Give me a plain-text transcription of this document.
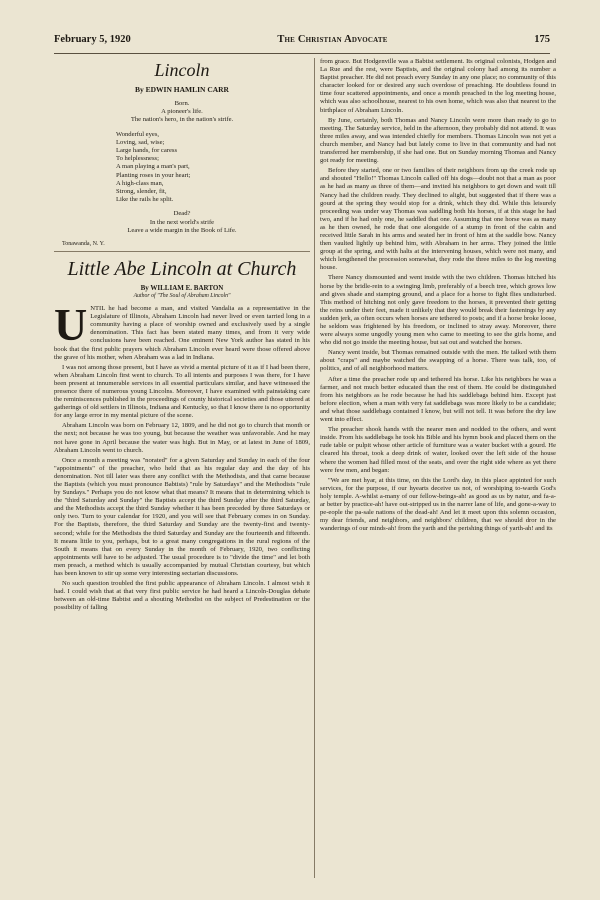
February 5, 1920	The Christian Advocate	175
Lincoln
By EDWIN HAMLIN CARR
Born.
A pioneer's life.
The nation's hero, in the nation's strife.
Wonderful eyes,
Loving, sad, wise;
Large hands, for caress
To helplessness;
A man playing a man's part,
Planting roses in your heart;
A high-class man,
Strong, slender, fit,
Like the rails he split.
Dead?
In the next world's strife
Leave a wide margin in the Book of Life.
Tonawanda, N. Y.
Little Abe Lincoln at Church
By WILLIAM E. BARTON
Author of "The Soul of Abraham Lincoln"

UNTIL he had become a man, and visited Vandalia as a representative in the Legislature of Illinois, Abraham Lincoln had never lived or even tarried long in a community having a place of worship owned and exclusively used by a single denomination. This fact has been stated many times, and from it very wide conclusions have been reached. One eminent New York author has stated in his book that the first public prayers which Abraham Lincoln ever heard were those offered above the grave of his mother, when Abraham was a lad in Indiana.

I was not among those present, but I have as vivid a mental picture of it as if I had been there, when Abraham Lincoln first went to church. To all intents and purposes I was there, for I have been present at innumerable services in all essential particulars similar, and have witnessed the presence there of numerous young Lincolns. Moreover, I have examined with painstaking care the reminiscences published in the proceedings of county historical societies and those uttered at gatherings of old settlers in Illinois, Indiana and Kentucky, so that I know there is no opportunity for any large error in my mental picture of the scene.

Abraham Lincoln was born on February 12, 1809, and he did not go to church that month or the next; not because he was too young, but because the weather was unfavorable. And he may not have gone in April because the water was high. But in May, or at latest in June of 1809, Abraham Lincoln went to church.

Once a month a meeting was "norated" for a given Saturday and Sunday in each of the four "appointments" of the preacher, who held that as his regular day and the day of his denomination. Not till later was there any conflict with the Methodists, and that came because the Baptists (which you must pronounce Babtists) "rule by Saturdays" and the Methodists "rule by Sundays." Perhaps you do not know what that means? It means that in determining which is the "third Saturday and Sunday" the Baptists accept the third Sunday after the third Saturday, and the Methodists accept the third Sunday whether it has been preceded by three Saturdays or only two. Turn to your calendar for 1920, and you will see that February comes in on Sunday. For the Baptists, therefore, the third Saturday and Sunday are the twenty-first and twenty-second; while for the Methodists the third Saturday and Sunday are the fourteenth and fifteenth. It means little to you, perhaps, but to a great many congregations in the rural regions of the South it means that on every Sunday in the month of February, 1920, two conflicting appointments will have to be adjusted. The usual procedure is to "divide the time" and let both men preach, a method which is usually accompanied by mutual Christian courtesy, but which has been known to stir up some very interesting sectarian discussions.

No such question troubled the first public appearance of Abraham Lincoln. I almost wish it had. I could wish that at that very first public service he had heard a Lincoln-Douglas debate between an old-time Babtist and a shouting Methodist on the subject of Predestination or the possibility of falling

from grace. But Hodgenville was a Babtist settlement. Its original colonists, Hodgen and La Rue and the rest, were Baptists, and the original colony had among its number a Baptist preacher. He did not preach every Sunday in any one place; no community of this character looked for or desired any such overdose of preaching. He doubtless found in time four scattered appointments, and once a month preached in the log meeting house, which was also schoolhouse, nearest to his own home, which was also that nearest to the birthplace of Abraham Lincoln.

By June, certainly, both Thomas and Nancy Lincoln were more than ready to go to meeting. The Saturday service, held in the afternoon, they probably did not attend. It was three miles away, and was intended chiefly for members. Thomas Lincoln was not yet a church member, and Nancy had but lately come to live in that community and had not transferred her membership, if she had one. But on Sunday morning Thomas and Nancy got ready for meeting.

Before they started, one or two families of their neighbors from up the creek rode up and shouted "Hello!" Thomas Lincoln called off his dogs—doubt not that a man as poor as he had as many as three of them—and invited his neighbors to get down and wait till Nancy had the children ready. They declined to alight, but suggested that if there was a gourd at the spring they would stop for a drink, which they did. While this leisurely proceeding was under way Thomas was saddling both his horses, if at this stage he had two, and if he had only one, he saddled that one. Assuming that one horse was as many as he then owned, he rode that one alongside of a stump in front of the cabin and received little Sarah in his arms and seated her in front of him at the saddle bow. Nancy then vaulted lightly up behind him, with Abraham in her arms. They joined the little group at the spring, and with halts at the intervening houses, which were not many, and which lengthened the procession somewhat, they rode the three miles to the log meeting house.

There Nancy dismounted and went inside with the two children. Thomas hitched his horse by the bridle-rein to a swinging limb, preferably of a beech tree, which grows low and gives shade and stamping ground, and a place for a horse to fight flies undisturbed. This method of hitching not only gave freedom to the horses, it prevented their getting the reins under their feet, made it unlikely that they would break their fastenings by any sudden jerk, as often occurs when horses are tethered to posts; and if a horse broke loose, he seldom was frightened by his freedom, or inclined to stray away. Moreover, there were always some ungodly young men who came to meeting to see the girls home, and who did not go inside the meeting house, but sat out and watched the horses.

Nancy went inside, but Thomas remained outside with the men. He talked with them about "craps" and maybe watched the swapping of a horse. There was talk, too, of politics, and of all neighborhood matters.

After a time the preacher rode up and tethered his horse. Like his neighbors he was a farmer, and not much better educated than the rest of them. He could be distinguished from his neighbors as he rode because he had his saddlebags behind him. Except just before election, when a man with very fat saddlebags was more likely to be a candidate; and what those saddlebags contained I know, but will not tell. It was before the dry law went into effect.

The preacher shook hands with the nearer men and nodded to the others, and went inside. From his saddlebags he took his Bible and his hymn book and placed them on the rude table or pulpit whose other article of furniture was a water bucket with a gourd. He cleared his throat, took a deep drink of water, looked over the left side of the house where the women had filled most of the seats, and over the right side where as yet there were few men, and began:

"We are met hyar, at this time, on this the Lord's day, in this place appinted for such services, for the purpose, if our hyearts deceive us not, of worshiping to-wards God's holy temple. A-whilst a-many of our fellow-beings-ah! as good as us by natur, and fa-a-ar better by practice-ah! have out-stripped us in the narrer lane of life, and gone-a-way to pe-eople the pa-sale nations of the dead-ah! And let it meet upon this solemn occasion, my dear friends, and neighbors, and neighbors' children, that we should dror in the wanderings of our minds-ah! from the yarth and the perishing things of yarth-ah! and its
